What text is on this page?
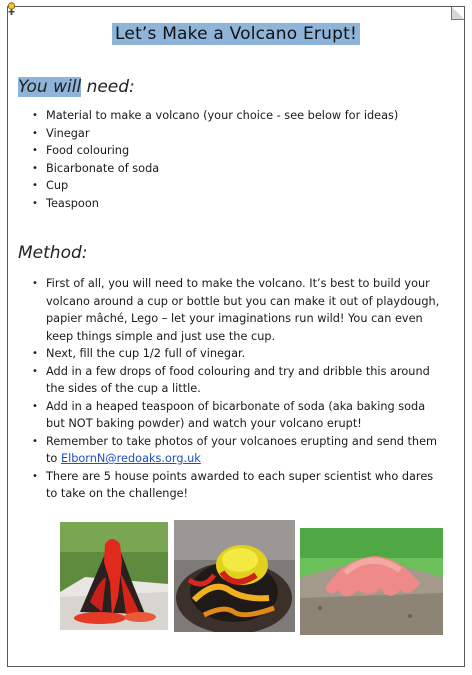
Let’s Make a Volcano Erupt!
You will need:
• Material to make a volcano (your choice - see below for ideas)
• Vinegar
• Food colouring
• Bicarbonate of soda
• Cup
• Teaspoon
Method:
• First of all, you will need to make the volcano. It’s best to build your volcano around a cup or bottle but you can make it out of playdough, papier mâché, Lego – let your imaginations run wild! You can even keep things simple and just use the cup.
• Next, fill the cup 1/2 full of vinegar.
• Add in a few drops of food colouring and try and dribble this around the sides of the cup a little.
• Add in a heaped teaspoon of bicarbonate of soda (aka baking soda but NOT baking powder) and watch your volcano erupt!
• Remember to take photos of your volcanoes erupting and send them to ElbornN@redoaks.org.uk
• There are 5 house points awarded to each super scientist who dares to take on the challenge!
